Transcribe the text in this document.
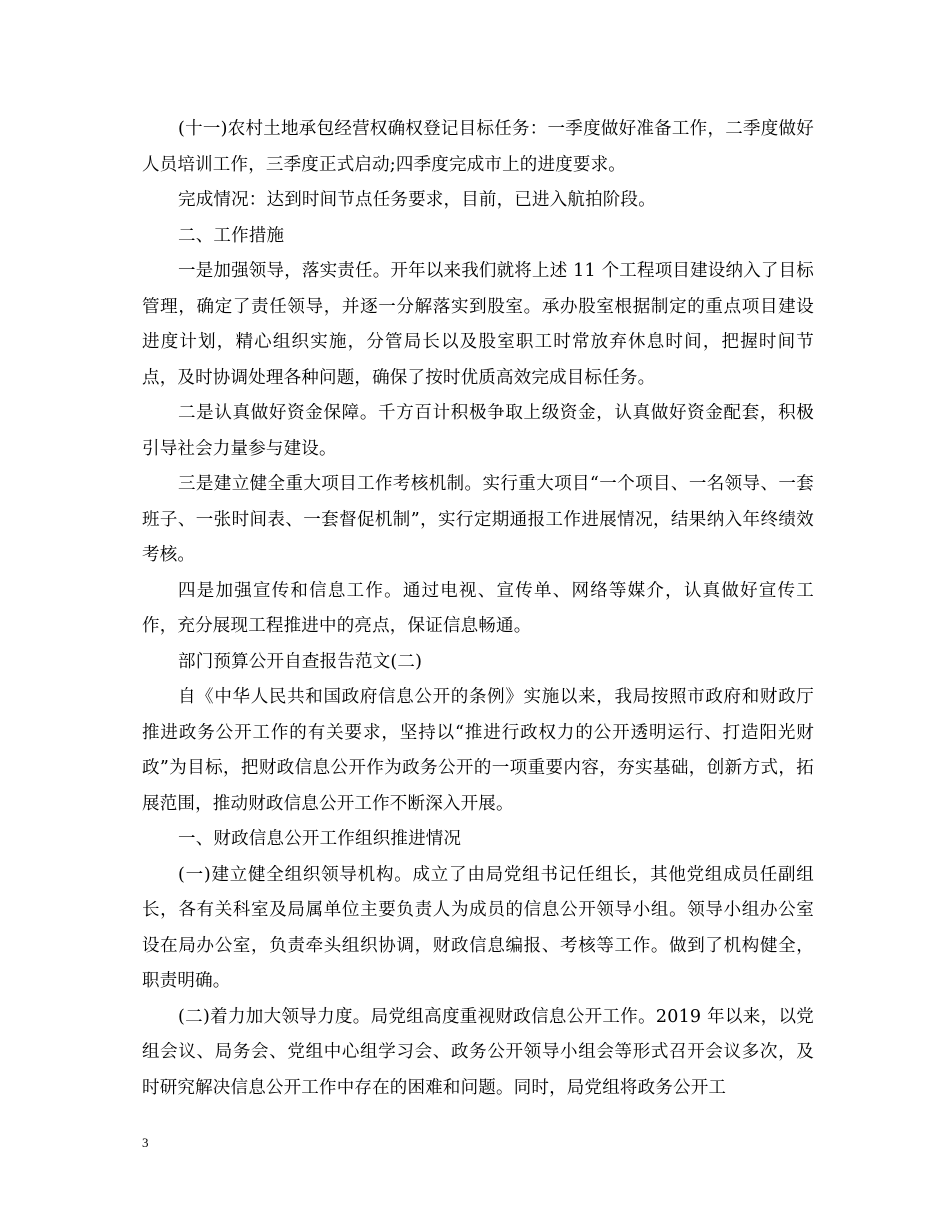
(十一)农村土地承包经营权确权登记目标任务：一季度做好准备工作，二季度做好人员培训工作，三季度正式启动;四季度完成市上的进度要求。

完成情况：达到时间节点任务要求，目前，已进入航拍阶段。

二、工作措施

一是加强领导，落实责任。开年以来我们就将上述 11 个工程项目建设纳入了目标管理，确定了责任领导，并逐一分解落实到股室。承办股室根据制定的重点项目建设进度计划，精心组织实施，分管局长以及股室职工时常放弃休息时间，把握时间节点，及时协调处理各种问题，确保了按时优质高效完成目标任务。

二是认真做好资金保障。千方百计积极争取上级资金，认真做好资金配套，积极引导社会力量参与建设。

三是建立健全重大项目工作考核机制。实行重大项目“一个项目、一名领导、一套班子、一张时间表、一套督促机制”，实行定期通报工作进展情况，结果纳入年终绩效考核。

四是加强宣传和信息工作。通过电视、宣传单、网络等媒介，认真做好宣传工作，充分展现工程推进中的亮点，保证信息畅通。

部门预算公开自查报告范文(二)

自《中华人民共和国政府信息公开的条例》实施以来，我局按照市政府和财政厅推进政务公开工作的有关要求，坚持以“推进行政权力的公开透明运行、打造阳光财政”为目标，把财政信息公开作为政务公开的一项重要内容，夯实基础，创新方式，拓展范围，推动财政信息公开工作不断深入开展。

一、财政信息公开工作组织推进情况

(一)建立健全组织领导机构。成立了由局党组书记任组长，其他党组成员任副组长，各有关科室及局属单位主要负责人为成员的信息公开领导小组。领导小组办公室设在局办公室，负责牵头组织协调，财政信息编报、考核等工作。做到了机构健全，职责明确。

(二)着力加大领导力度。局党组高度重视财政信息公开工作。2019 年以来，以党组会议、局务会、党组中心组学习会、政务公开领导小组会等形式召开会议多次，及时研究解决信息公开工作中存在的困难和问题。同时，局党组将政务公开工

3
